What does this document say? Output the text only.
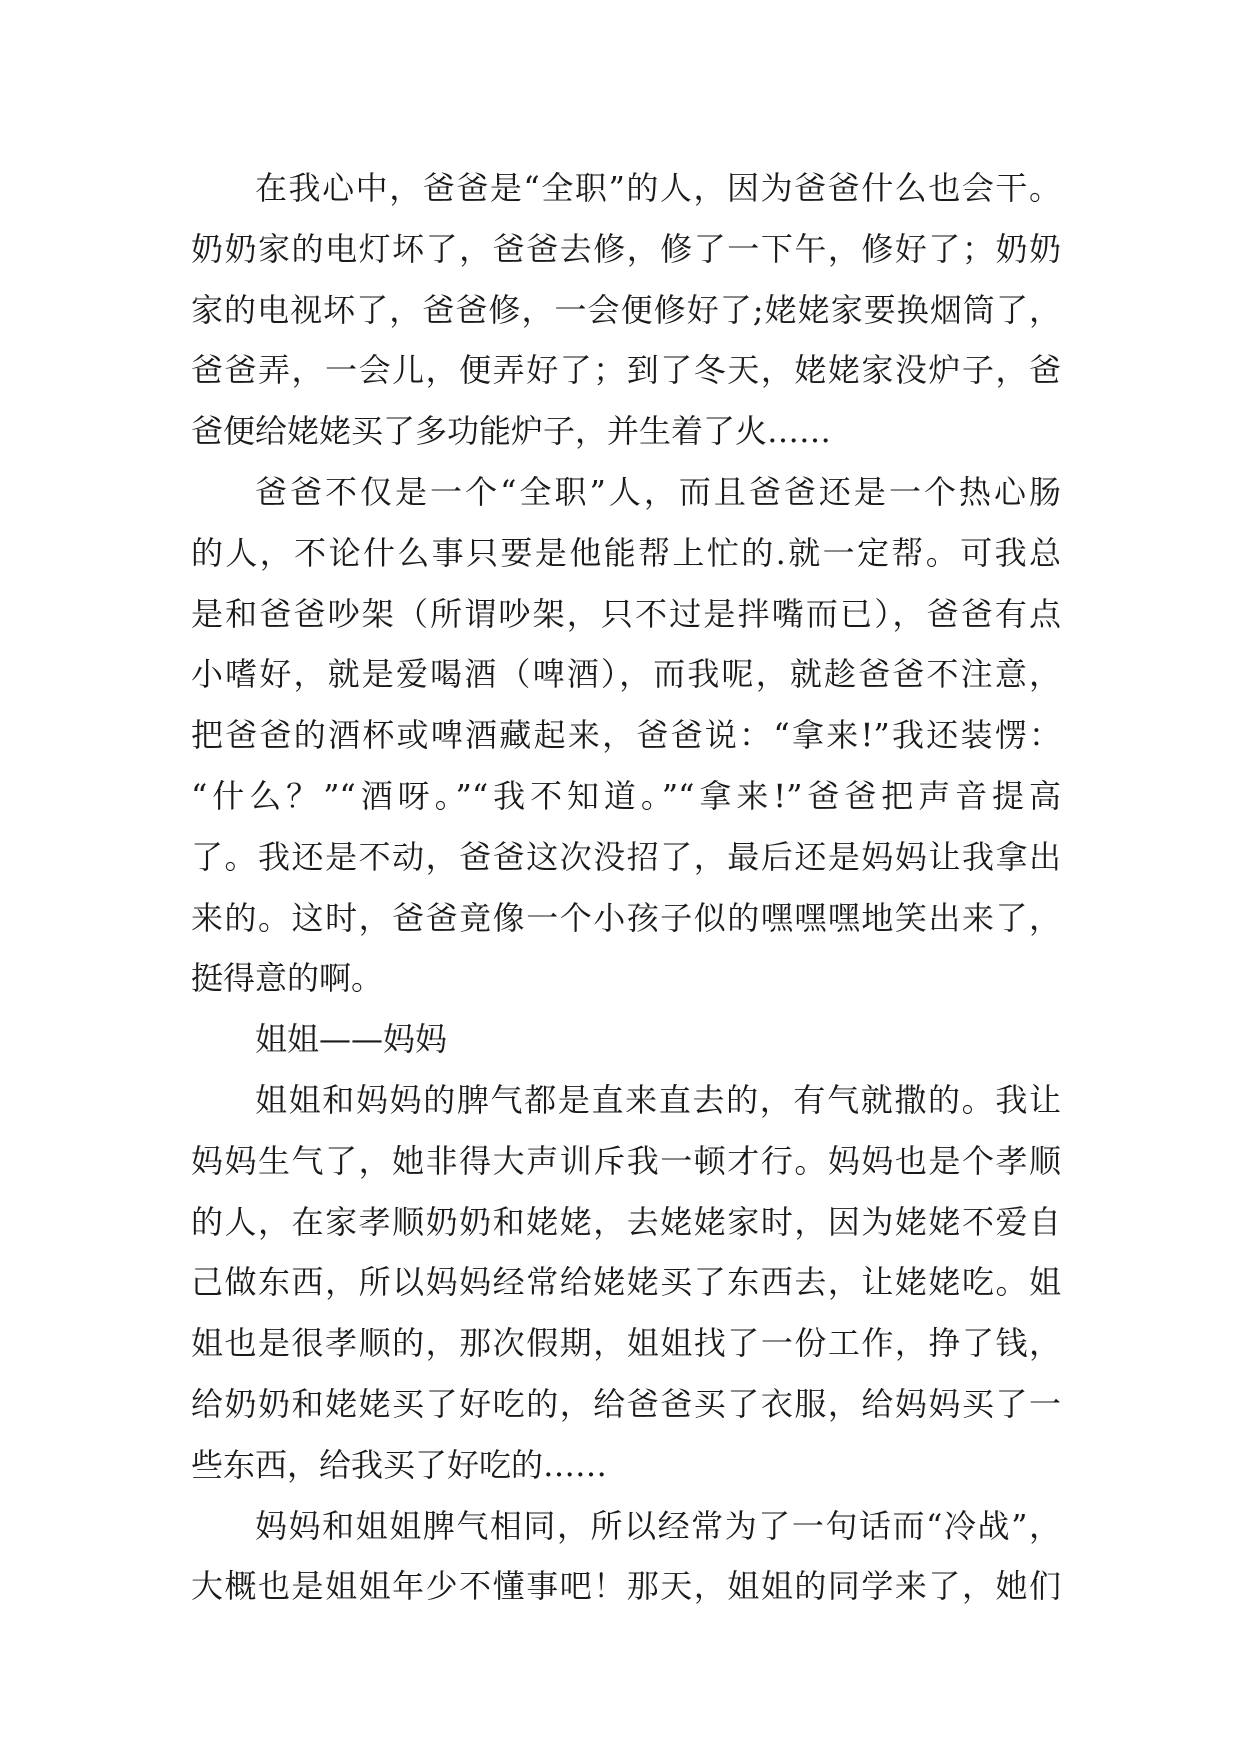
在我心中，爸爸是“全职”的人，因为爸爸什么也会干。
奶奶家的电灯坏了，爸爸去修，修了一下午，修好了；奶奶
家的电视坏了，爸爸修，一会便修好了;姥姥家要换烟筒了，
爸爸弄，一会儿，便弄好了；到了冬天，姥姥家没炉子，爸
爸便给姥姥买了多功能炉子，并生着了火……
爸爸不仅是一个“全职”人，而且爸爸还是一个热心肠
的人，不论什么事只要是他能帮上忙的.就一定帮。可我总
是和爸爸吵架（所谓吵架，只不过是拌嘴而已），爸爸有点
小嗜好，就是爱喝酒（啤酒），而我呢，就趁爸爸不注意，
把爸爸的酒杯或啤酒藏起来，爸爸说：“拿来!”我还装愣：
“什么？”“酒呀。”“我不知道。”“拿来!”爸爸把声音提高
了。我还是不动，爸爸这次没招了，最后还是妈妈让我拿出
来的。这时，爸爸竟像一个小孩子似的嘿嘿嘿地笑出来了，
挺得意的啊。
姐姐——妈妈
姐姐和妈妈的脾气都是直来直去的，有气就撒的。我让
妈妈生气了，她非得大声训斥我一顿才行。妈妈也是个孝顺
的人，在家孝顺奶奶和姥姥，去姥姥家时，因为姥姥不爱自
己做东西，所以妈妈经常给姥姥买了东西去，让姥姥吃。姐
姐也是很孝顺的，那次假期，姐姐找了一份工作，挣了钱，
给奶奶和姥姥买了好吃的，给爸爸买了衣服，给妈妈买了一
些东西，给我买了好吃的……
妈妈和姐姐脾气相同，所以经常为了一句话而“冷战”，
大概也是姐姐年少不懂事吧！那天，姐姐的同学来了，她们
